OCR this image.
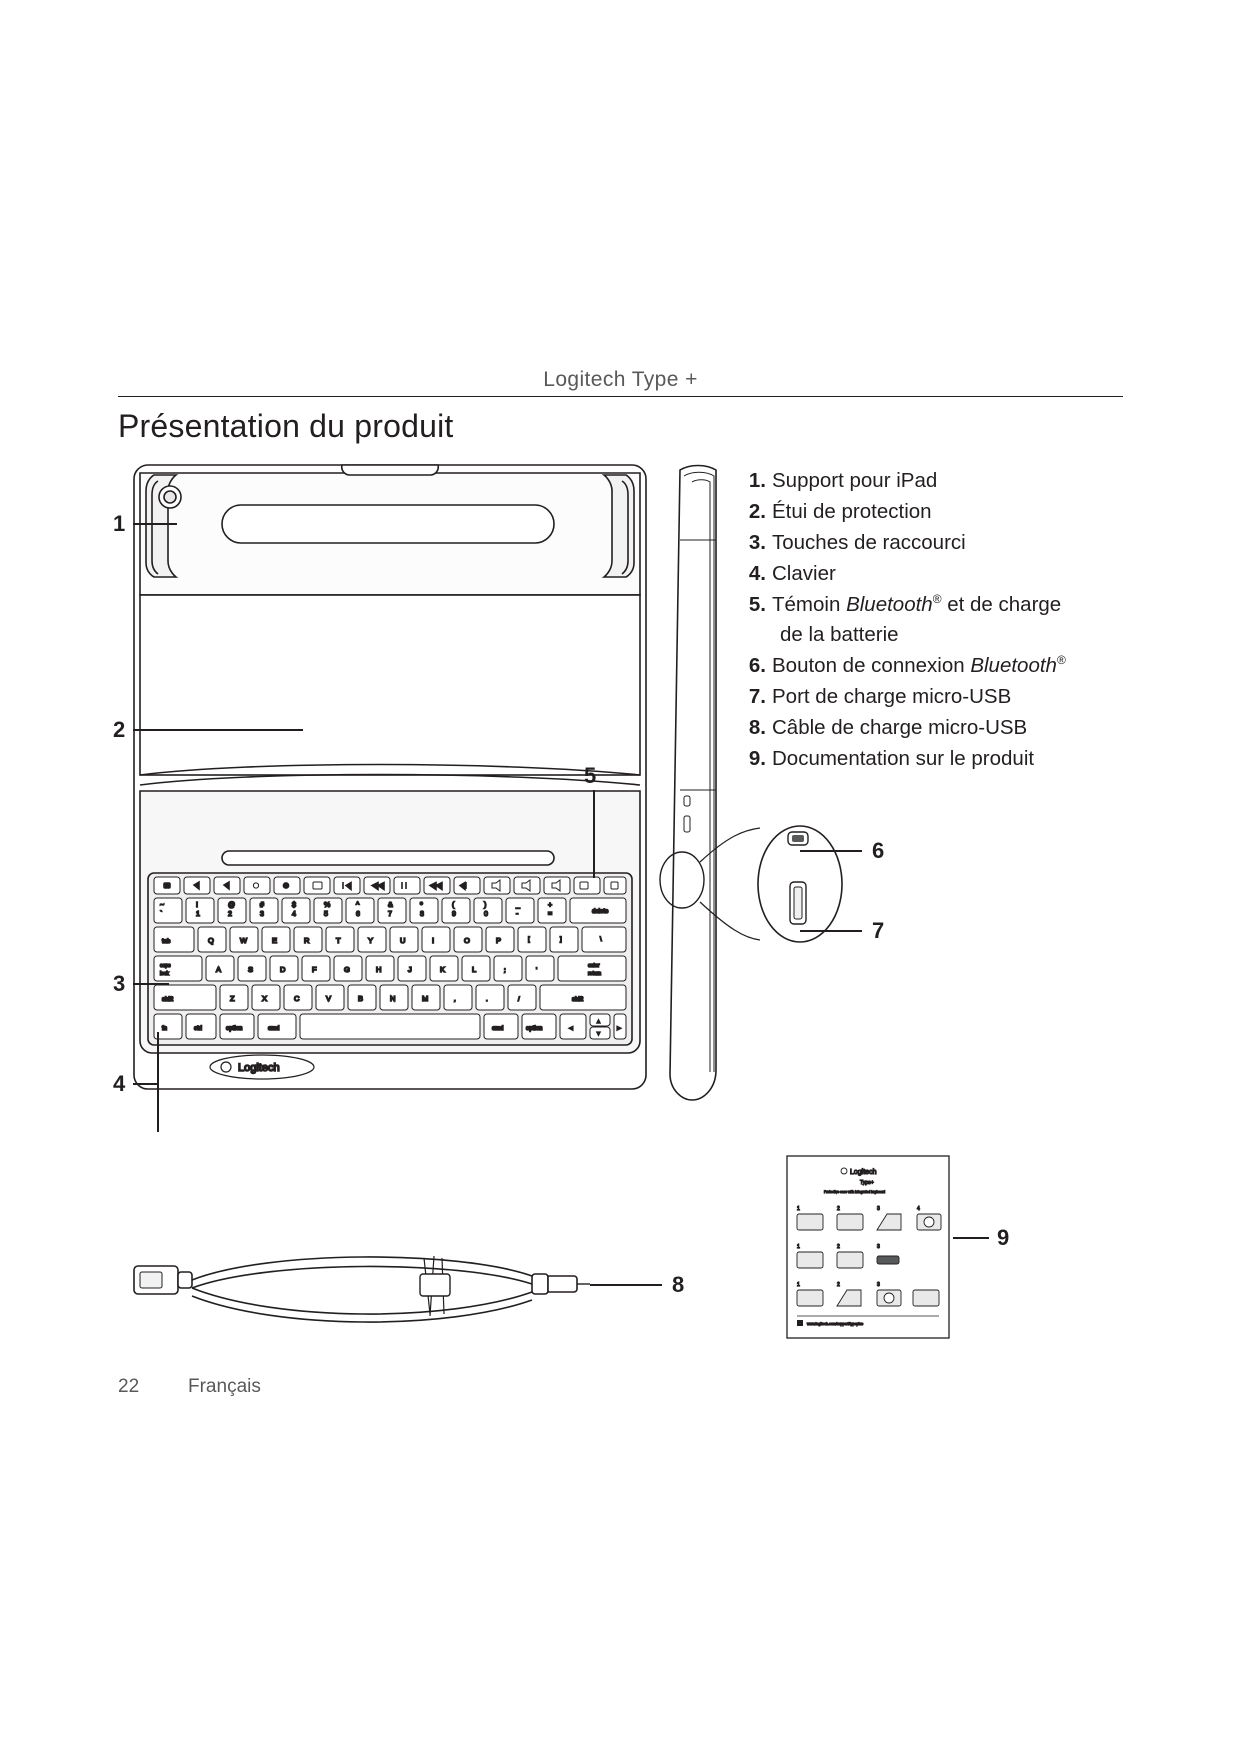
Logitech Type +
Présentation du produit
`
~
1
!
2
@
3
#
4
$
5
%
6
^
7
&
8
*
9
(
0
)
-
_
=
+
delete
tab	Q	W	E	R	T	Y	U	I	O	P	[	]	\
caps
lock	A	S	D	F	G	H	J	K	L	;	'
enter
return
shift	Z	X	C	V	B	N	M	,	.	/	shift
fn	ctrl	option	cmd	cmd	option	◄
▲
▼
►
Logitech
Logitech
Type+
Protective case with integrated keyboard
1	2	3	4
1	2	3
1	2	3
www.logitech.com/support/typeplus
1
2
3
4
5
6
7
8
9
1. Support pour iPad
2. Étui de protection
3. Touches de raccourci
4. Clavier
5. Témoin Bluetooth® et de charge
de la batterie
6. Bouton de connexion Bluetooth®
7. Port de charge micro-USB
8. Câble de charge micro-USB
9. Documentation sur le produit
22	Français
